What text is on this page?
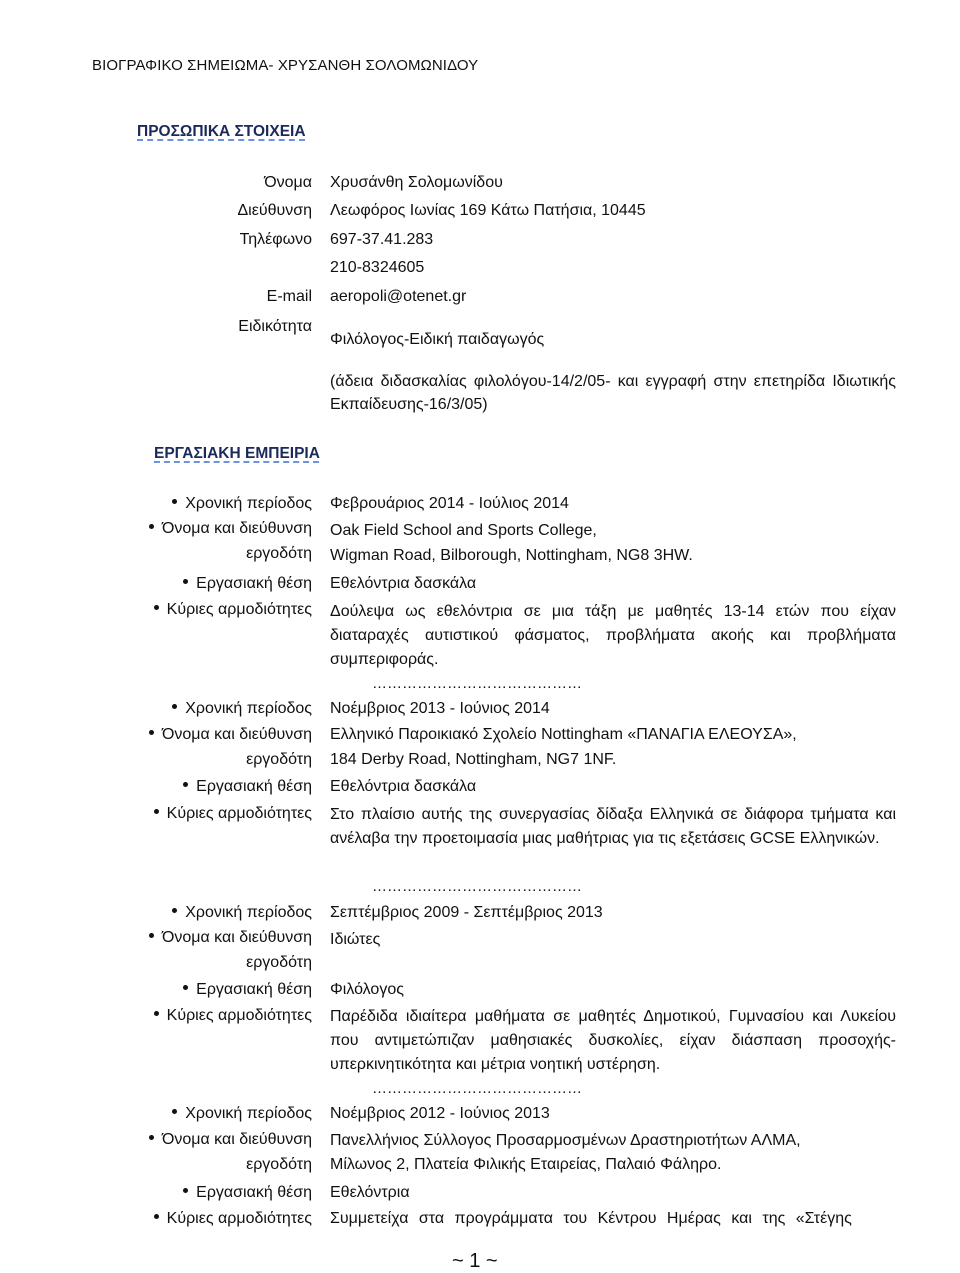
ΒΙΟΓΡΑΦΙΚΟ ΣΗΜΕΙΩΜΑ- ΧΡΥΣΑΝΘΗ ΣΟΛΟΜΩΝΙΔΟΥ
ΠΡΟΣΩΠΙΚΑ ΣΤΟΙΧΕΙΑ
Όνομα Χρυσάνθη Σολομωνίδου
Διεύθυνση Λεωφόρος Ιωνίας 169 Κάτω Πατήσια, 10445
Τηλέφωνο 697-37.41.283
210-8324605
E-mail aeropoli@otenet.gr
Ειδικότητα
Φιλόλογος-Ειδική παιδαγωγός
(άδεια διδασκαλίας φιλολόγου-14/2/05- και εγγραφή στην επετηρίδα Ιδιωτικής Εκπαίδευσης-16/3/05)
ΕΡΓΑΣΙΑΚΗ ΕΜΠΕΙΡΙΑ
Χρονική περίοδος Φεβρουάριος 2014 - Ιούλιος 2014
Όνομα και διεύθυνση Oak Field School and Sports College,
εργοδότη Wigman Road, Bilborough, Nottingham, NG8 3HW.
Εργασιακή θέση Εθελόντρια δασκάλα
Κύριες αρμοδιότητες Δούλεψα ως εθελόντρια σε μια τάξη με μαθητές 13-14 ετών που είχαν διαταραχές αυτιστικού φάσματος, προβλήματα ακοής και προβλήματα συμπεριφοράς.
……………………………………
Χρονική περίοδος Νοέμβριος 2013 - Ιούνιος 2014
Όνομα και διεύθυνση Ελληνικό Παροικιακό Σχολείο Nottingham «ΠΑΝΑΓΙΑ ΕΛΕΟΥΣΑ»,
εργοδότη 184 Derby Road, Nottingham, NG7 1NF.
Εργασιακή θέση Εθελόντρια δασκάλα
Κύριες αρμοδιότητες Στο πλαίσιο αυτής της συνεργασίας δίδαξα Ελληνικά σε διάφορα τμήματα και ανέλαβα την προετοιμασία μιας μαθήτριας για τις εξετάσεις GCSE Ελληνικών.
……………………………………
Χρονική περίοδος Σεπτέμβριος 2009 - Σεπτέμβριος 2013
Όνομα και διεύθυνση Ιδιώτες
εργοδότη
Εργασιακή θέση Φιλόλογος
Κύριες αρμοδιότητες Παρέδιδα ιδιαίτερα μαθήματα σε μαθητές Δημοτικού, Γυμνασίου και Λυκείου που αντιμετώπιζαν μαθησιακές δυσκολίες, είχαν διάσπαση προσοχής-υπερκινητικότητα και μέτρια νοητική υστέρηση.
……………………………………
Χρονική περίοδος Νοέμβριος 2012 - Ιούνιος 2013
Όνομα και διεύθυνση Πανελλήνιος Σύλλογος Προσαρμοσμένων Δραστηριοτήτων ΑΛΜΑ,
εργοδότη Μίλωνος 2, Πλατεία Φιλικής Εταιρείας, Παλαιό Φάληρο.
Εργασιακή θέση Εθελόντρια
Κύριες αρμοδιότητες Συμμετείχα στα προγράμματα του Κέντρου Ημέρας και της «Στέγης
~ 1 ~
